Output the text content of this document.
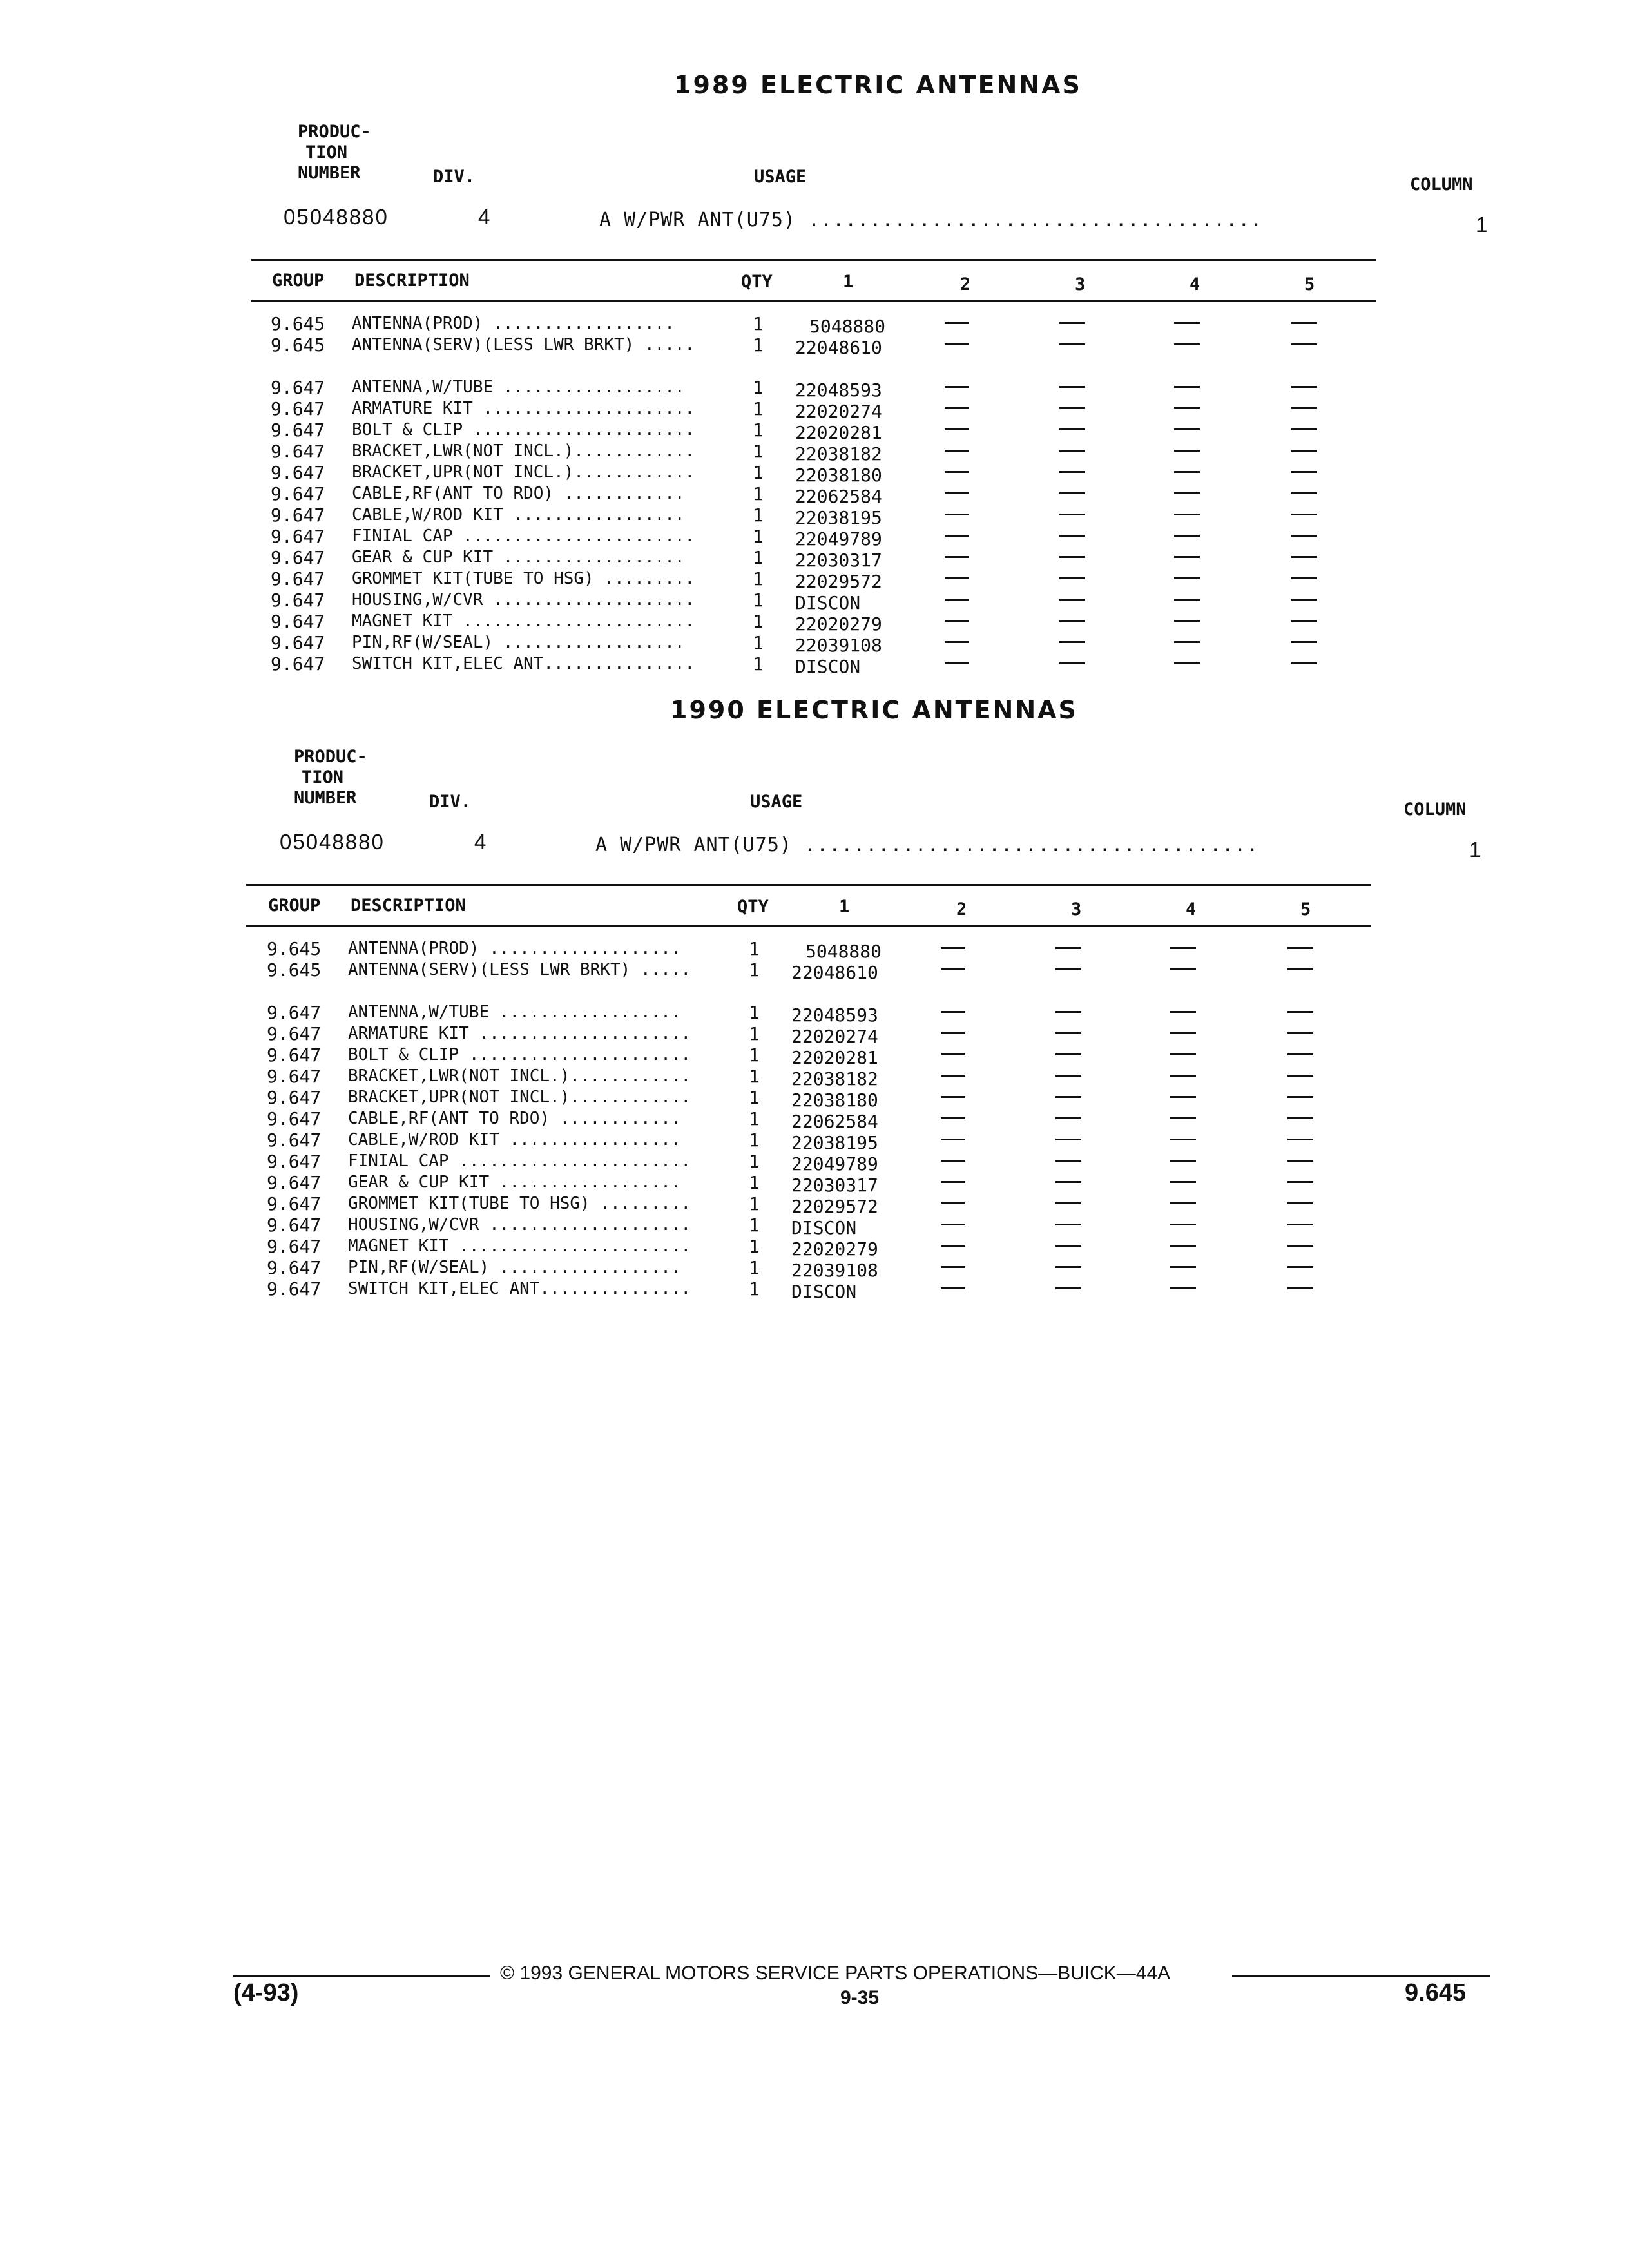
1989 ELECTRIC ANTENNAS
PRODUC-
TION
NUMBER	DIV.	USAGE	COLUMN
05048880	4	A W/PWR ANT(U75) .....................................	1
GROUP DESCRIPTION	QTY	1	2	3	4	5
9.645 ANTENNA(PROD) ..................	1	5048880
9.645 ANTENNA(SERV)(LESS LWR BRKT) .....	1 22048610
9.647 ANTENNA,W/TUBE ..................	1 22048593
9.647 ARMATURE KIT .....................	1 22020274
9.647 BOLT & CLIP ......................	1 22020281
9.647 BRACKET,LWR(NOT INCL.)............	1 22038182
9.647 BRACKET,UPR(NOT INCL.)............	1 22038180
9.647 CABLE,RF(ANT TO RDO) ............	1 22062584
9.647 CABLE,W/ROD KIT .................	1 22038195
9.647 FINIAL CAP .......................	1 22049789
9.647 GEAR & CUP KIT ..................	1 22030317
9.647 GROMMET KIT(TUBE TO HSG) .........	1 22029572
9.647 HOUSING,W/CVR ....................	1 DISCON
9.647 MAGNET KIT .......................	1 22020279
9.647 PIN,RF(W/SEAL) ..................	1 22039108
9.647 SWITCH KIT,ELEC ANT...............	1 DISCON
1990 ELECTRIC ANTENNAS
PRODUC-
TION
NUMBER	DIV.	USAGE	COLUMN
05048880	4	A W/PWR ANT(U75) .....................................	1
GROUP DESCRIPTION	QTY	1	2	3	4	5
9.645 ANTENNA(PROD) ...................	1	5048880
9.645 ANTENNA(SERV)(LESS LWR BRKT) .....	1 22048610
9.647 ANTENNA,W/TUBE ..................	1 22048593
9.647 ARMATURE KIT .....................	1 22020274
9.647 BOLT & CLIP ......................	1 22020281
9.647 BRACKET,LWR(NOT INCL.)............	1 22038182
9.647 BRACKET,UPR(NOT INCL.)............	1 22038180
9.647 CABLE,RF(ANT TO RDO) ............	1 22062584
9.647 CABLE,W/ROD KIT .................	1 22038195
9.647 FINIAL CAP .......................	1 22049789
9.647 GEAR & CUP KIT ..................	1 22030317
9.647 GROMMET KIT(TUBE TO HSG) .........	1 22029572
9.647 HOUSING,W/CVR ....................	1 DISCON
9.647 MAGNET KIT .......................	1 22020279
9.647 PIN,RF(W/SEAL) ..................	1 22039108
9.647 SWITCH KIT,ELEC ANT...............	1 DISCON
© 1993 GENERAL MOTORS SERVICE PARTS OPERATIONS—BUICK—44A
(4-93)	9-35	9.645
